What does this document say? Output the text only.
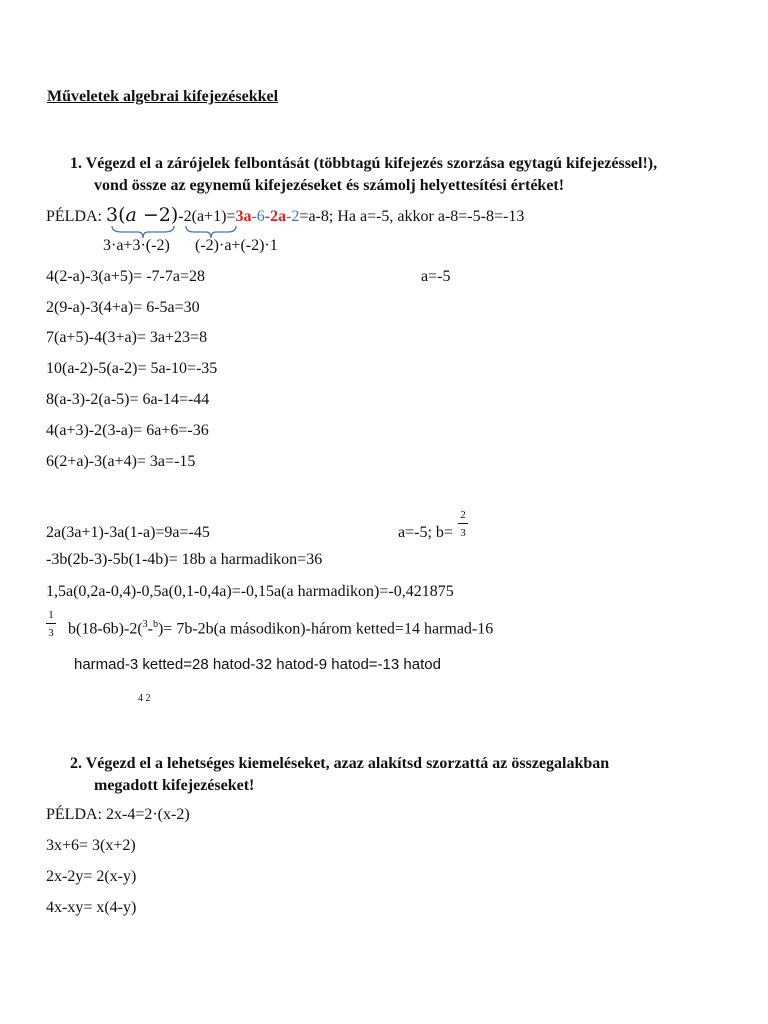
Műveletek algebrai kifejezésekkel
1. Végezd el a zárójelek felbontását (többtagú kifejezés szorzása egytagú kifejezéssel!),
vond össze az egynemű kifejezéseket és számolj helyettesítési értéket!
PÉLDA: 3(𝑎 −2)-2(a+1)=3a-6-2a-2=a-8; Ha a=-5, akkor a-8=-5-8=-13
3·a+3·(-2) (-2)·a+(-2)·1
4(2-a)-3(a+5)= -7-7a=28	a=-5
2(9-a)-3(4+a)= 6-5a=30
7(a+5)-4(3+a)= 3a+23=8
10(a-2)-5(a-2)= 5a-10=-35
8(a-3)-2(a-5)= 6a-14=-44
4(a+3)-2(3-a)= 6a+6=-36
6(2+a)-3(a+4)= 3a=-15
2a(3a+1)-3a(1-a)=9a=-45	a=-5; b=
2
3
-3b(2b-3)-5b(1-4b)= 18b a harmadikon=36
1,5a(0,2a-0,4)-0,5a(0,1-0,4a)=-0,15a(a harmadikon)=-0,421875
1
3 b(18-6b)-2($^3$-$^b$)= 7b-2b(a másodikon)-három ketted=14 harmad-16
harmad-3 ketted=28 hatod-32 hatod-9 hatod=-13 hatod
4 2
2. Végezd el a lehetséges kiemeléseket, azaz alakítsd szorzattá az összegalakban
megadott kifejezéseket!
PÉLDA: 2x-4=2·(x-2)
3x+6= 3(x+2)
2x-2y= 2(x-y)
4x-xy= x(4-y)
